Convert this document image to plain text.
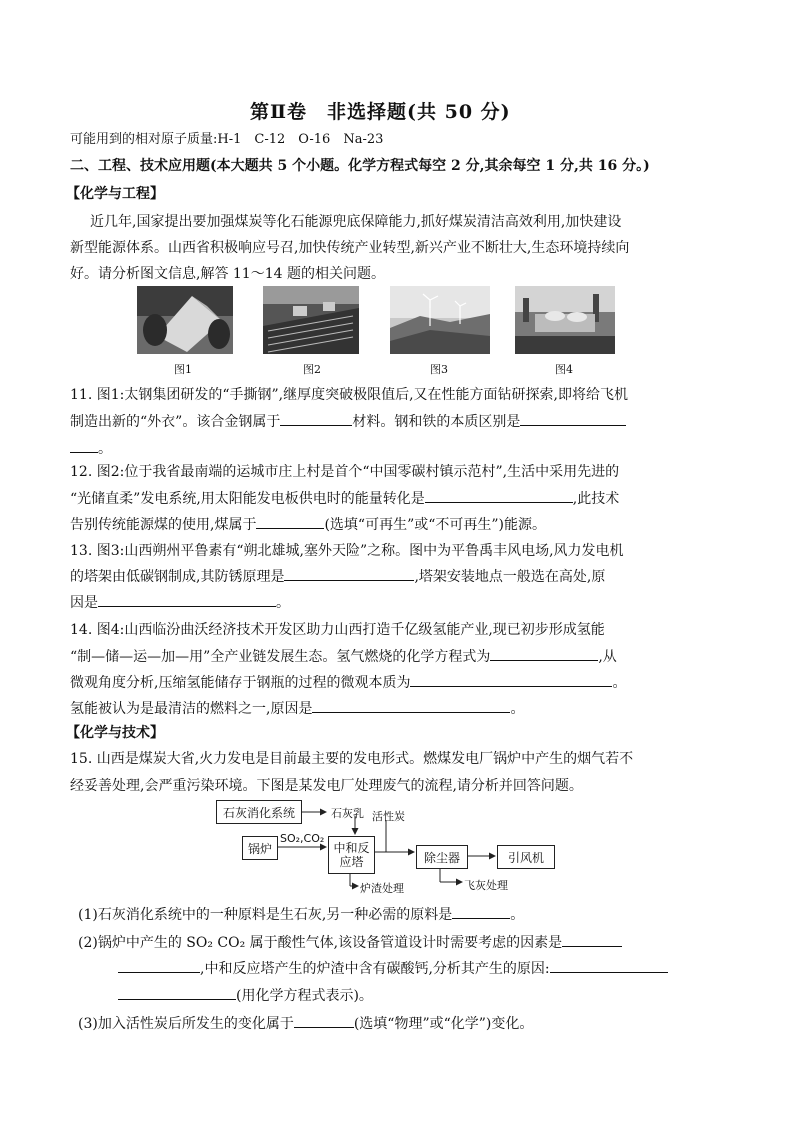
第Ⅱ卷　非选择题(共 50 分)
可能用到的相对原子质量:H-1　C-12　O-16　Na-23
二、工程、技术应用题(本大题共 5 个小题。化学方程式每空 2 分,其余每空 1 分,共 16 分。)
【化学与工程】
近几年,国家提出要加强煤炭等化石能源兜底保障能力,抓好煤炭清洁高效利用,加快建设
新型能源体系。山西省积极响应号召,加快传统产业转型,新兴产业不断壮大,生态环境持续向
好。请分析图文信息,解答 11～14 题的相关问题。
图1	图2	图3	图4
11. 图1:太钢集团研发的“手撕钢”,继厚度突破极限值后,又在性能方面钻研探索,即将给飞机
制造出新的“外衣”。该合金钢属于	材料。钢和铁的本质区别是
。
12. 图2:位于我省最南端的运城市庄上村是首个“中国零碳村镇示范村”,生活中采用先进的
“光储直柔”发电系统,用太阳能发电板供电时的能量转化是	,此技术
告别传统能源煤的使用,煤属于	(选填“可再生”或“不可再生”)能源。
13. 图3:山西朔州平鲁素有“朔北雄城,塞外天险”之称。图中为平鲁禹丰风电场,风力发电机
的塔架由低碳钢制成,其防锈原理是	,塔架安装地点一般选在高处,原
因是	。
14. 图4:山西临汾曲沃经济技术开发区助力山西打造千亿级氢能产业,现已初步形成氢能
“制—储—运—加—用”全产业链发展生态。氢气燃烧的化学方程式为	,从
微观角度分析,压缩氢能储存于钢瓶的过程的微观本质为	。
氢能被认为是最清洁的燃料之一,原因是	。
【化学与技术】
15. 山西是煤炭大省,火力发电是目前最主要的发电形式。燃煤发电厂锅炉中产生的烟气若不
经妥善处理,会严重污染环境。下图是某发电厂处理废气的流程,请分析并回答问题。
石灰消化系统	石灰乳 活性炭
锅炉
SO₂,CO₂
中和反应塔
炉渣处理
除尘器
飞灰处理
引风机
(1)石灰消化系统中的一种原料是生石灰,另一种必需的原料是	。
(2)锅炉中产生的 SO₂ CO₂ 属于酸性气体,该设备管道设计时需要考虑的因素是
,中和反应塔产生的炉渣中含有碳酸钙,分析其产生的原因:
(用化学方程式表示)。
(3)加入活性炭后所发生的变化属于	(选填“物理”或“化学”)变化。
